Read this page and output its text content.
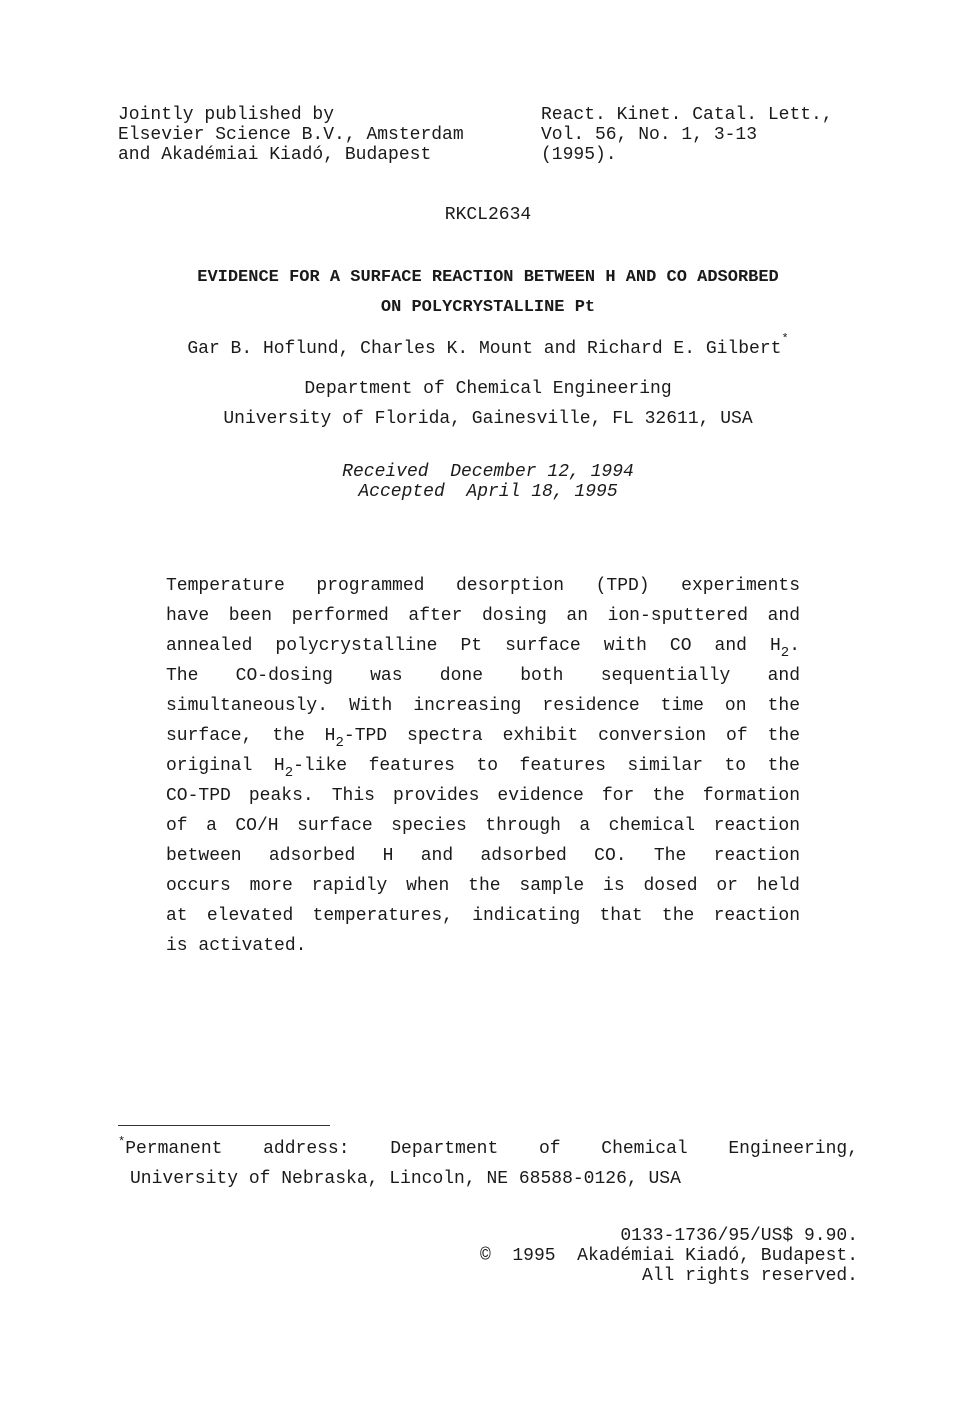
Jointly published by
Elsevier Science B.V., Amsterdam
and Akadémiai Kiadó, Budapest
React. Kinet. Catal. Lett.,
Vol. 56, No. 1, 3-13
(1995).
RKCL2634
EVIDENCE FOR A SURFACE REACTION BETWEEN H AND CO ADSORBED
ON POLYCRYSTALLINE Pt
Gar B. Hoflund, Charles K. Mount and Richard E. Gilbert*
Department of Chemical Engineering
University of Florida, Gainesville, FL 32611, USA
Received  December 12, 1994
Accepted  April 18, 1995
Temperature programmed desorption (TPD) experiments
have been performed after dosing an ion-sputtered and
annealed polycrystalline Pt surface with CO and $H_2$.
The CO-dosing was done both sequentially and
simultaneously. With increasing residence time on the
surface, the $H_2$-TPD spectra exhibit conversion of the
original $H_2$-like features to features similar to the
CO-TPD peaks. This provides evidence for the formation
of a CO/H surface species through a chemical reaction
between adsorbed H and adsorbed CO. The reaction
occurs more rapidly when the sample is dosed or held
at elevated temperatures, indicating that the reaction
is activated.
*Permanent address: Department of Chemical Engineering,
University of Nebraska, Lincoln, NE 68588-0126, USA
0133-1736/95/US$ 9.90.
©  1995  Akadémiai Kiadó, Budapest.
All rights reserved.
